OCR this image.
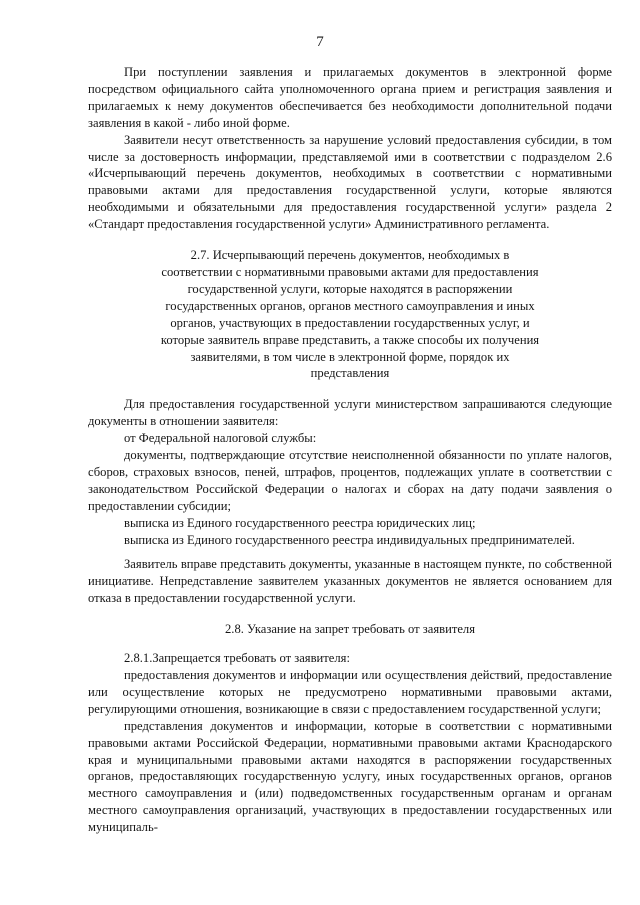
7

При поступлении заявления и прилагаемых документов в электронной форме посредством официального сайта уполномоченного органа прием и регистрация заявления и прилагаемых к нему документов обеспечивается без необходимости дополнительной подачи заявления в какой - либо иной форме.

Заявители несут ответственность за нарушение условий предоставления субсидии, в том числе за достоверность информации, представляемой ими в соответствии с подразделом 2.6 «Исчерпывающий перечень документов, необходимых в соответствии с нормативными правовыми актами для предоставления государственной услуги, которые являются необходимыми и обязательными для предоставления государственной услуги» раздела 2 «Стандарт предоставления государственной услуги» Административного регламента.

2.7. Исчерпывающий перечень документов, необходимых в соответствии с нормативными правовыми актами для предоставления государственной услуги, которые находятся в распоряжении государственных органов, органов местного самоуправления и иных органов, участвующих в предоставлении государственных услуг, и которые заявитель вправе представить, а также способы их получения заявителями, в том числе в электронной форме, порядок их представления

Для предоставления государственной услуги министерством запрашиваются следующие документы в отношении заявителя:

от Федеральной налоговой службы:

документы, подтверждающие отсутствие неисполненной обязанности по уплате налогов, сборов, страховых взносов, пеней, штрафов, процентов, подлежащих уплате в соответствии с законодательством Российской Федерации о налогах и сборах на дату подачи заявления о предоставлении субсидии;

выписка из Единого государственного реестра юридических лиц;

выписка из Единого государственного реестра индивидуальных предпринимателей.

Заявитель вправе представить документы, указанные в настоящем пункте, по собственной инициативе. Непредставление заявителем указанных документов не является основанием для отказа в предоставлении государственной услуги.

2.8. Указание на запрет требовать от заявителя

2.8.1.Запрещается требовать от заявителя:

предоставления документов и информации или осуществления действий, предоставление или осуществление которых не предусмотрено нормативными правовыми актами, регулирующими отношения, возникающие в связи с предоставлением государственной услуги;

представления документов и информации, которые в соответствии с нормативными правовыми актами Российской Федерации, нормативными правовыми актами Краснодарского края и муниципальными правовыми актами находятся в распоряжении государственных органов, предоставляющих государственную услугу, иных государственных органов, органов местного самоуправления и (или) подведомственных государственным органам и органам местного самоуправления организаций, участвующих в предоставлении государственных или муниципаль-
